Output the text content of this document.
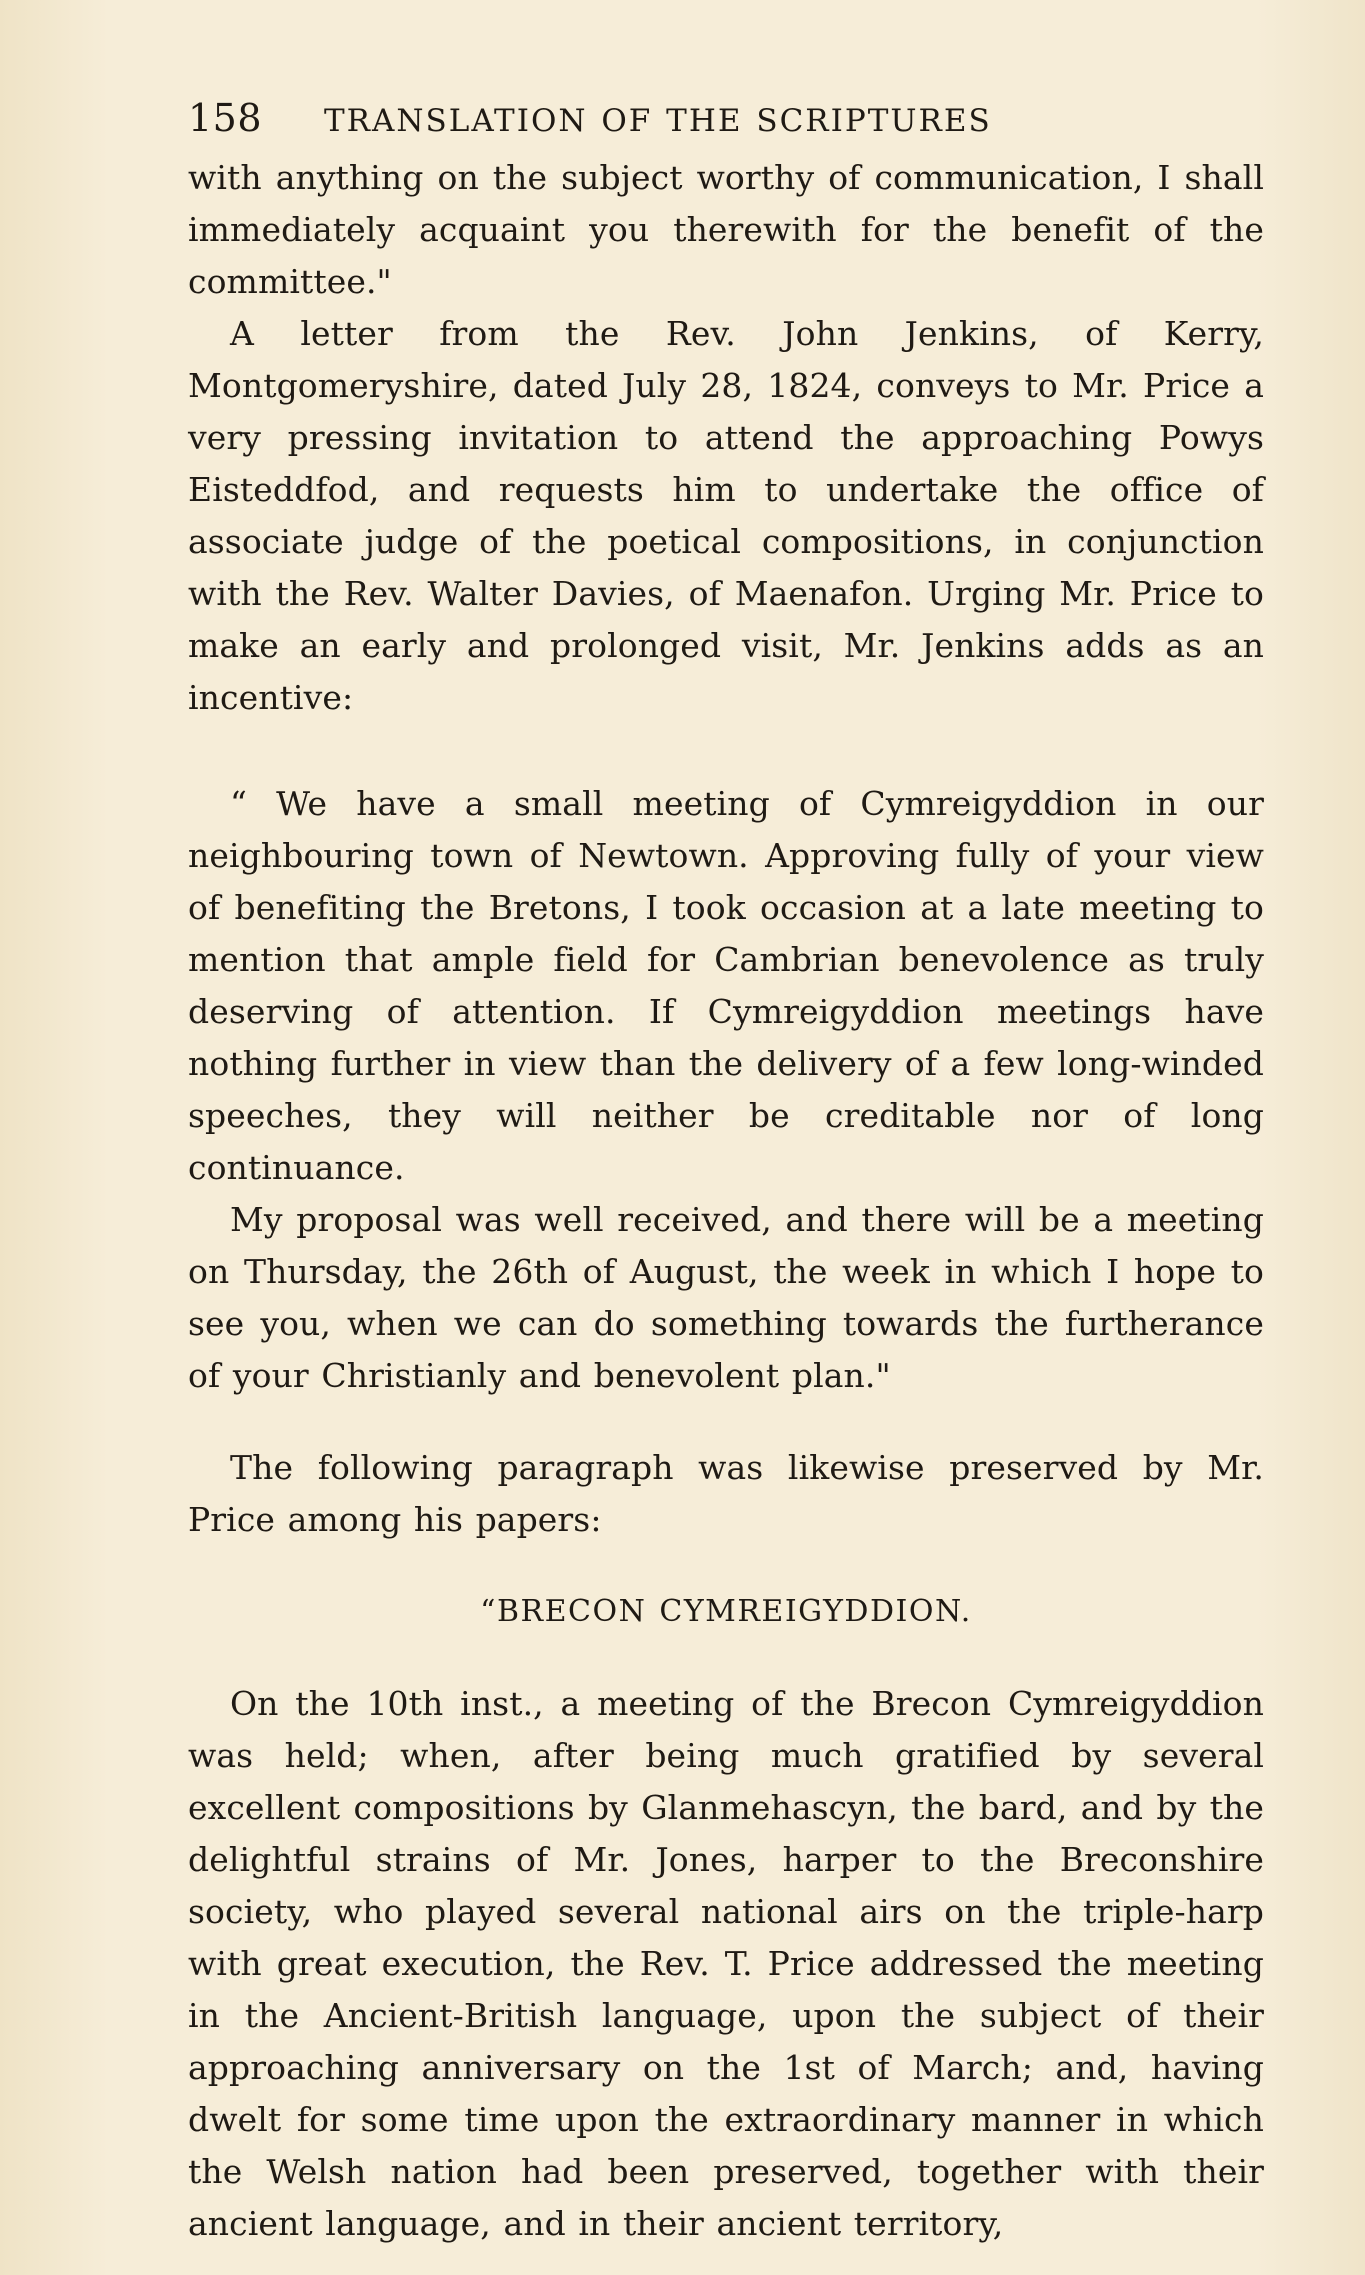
158	TRANSLATION OF THE SCRIPTURES

with anything on the subject worthy of communication, I shall immediately acquaint you therewith for the benefit of the committee."

A letter from the Rev. John Jenkins, of Kerry, Montgomeryshire, dated July 28, 1824, conveys to Mr. Price a very pressing invitation to attend the approaching Powys Eisteddfod, and requests him to undertake the office of associate judge of the poetical compositions, in conjunction with the Rev. Walter Davies, of Maenafon. Urging Mr. Price to make an early and prolonged visit, Mr. Jenkins adds as an incentive:

“ We have a small meeting of Cymreigyddion in our neighbouring town of Newtown. Approving fully of your view of benefiting the Bretons, I took occasion at a late meeting to mention that ample field for Cambrian benevolence as truly deserving of attention. If Cymreigyddion meetings have nothing further in view than the delivery of a few long-winded speeches, they will neither be creditable nor of long continuance.

My proposal was well received, and there will be a meeting on Thursday, the 26th of August, the week in which I hope to see you, when we can do something towards the furtherance of your Christianly and benevolent plan."

The following paragraph was likewise preserved by Mr. Price among his papers:

“BRECON CYMREIGYDDION.

On the 10th inst., a meeting of the Brecon Cymreigyddion was held; when, after being much gratified by several excellent compositions by Glanmehascyn, the bard, and by the delightful strains of Mr. Jones, harper to the Breconshire society, who played several national airs on the triple-harp with great execution, the Rev. T. Price addressed the meeting in the Ancient-British language, upon the subject of their approaching anniversary on the 1st of March; and, having dwelt for some time upon the extraordinary manner in which the Welsh nation had been preserved, together with their ancient language, and in their ancient territory,
